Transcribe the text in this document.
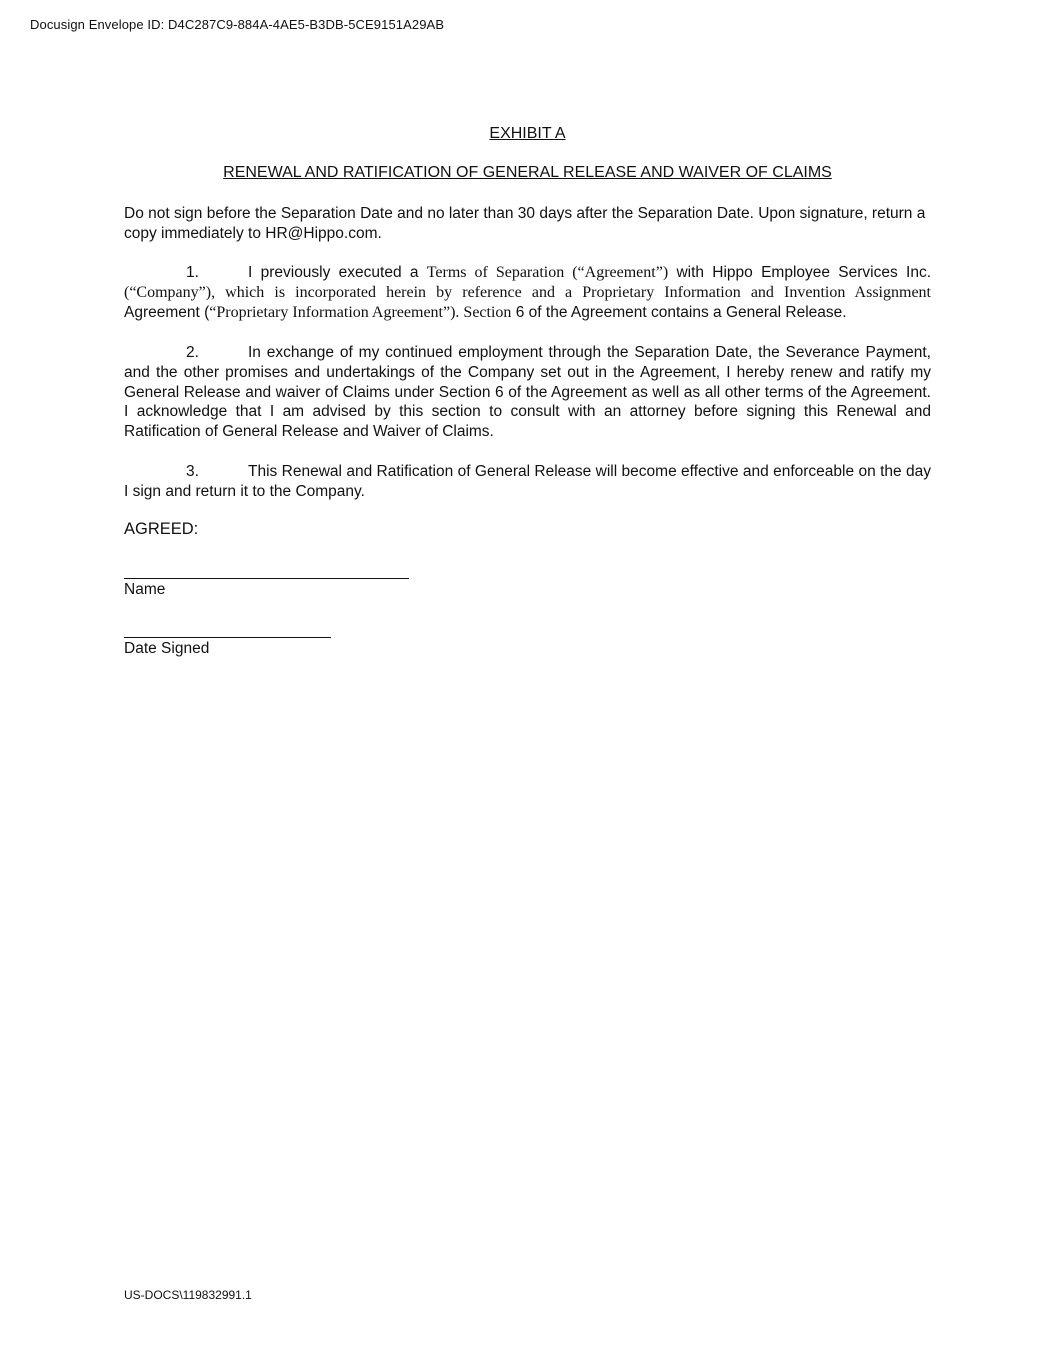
Docusign Envelope ID: D4C287C9-884A-4AE5-B3DB-5CE9151A29AB
EXHIBIT A
RENEWAL AND RATIFICATION OF GENERAL RELEASE AND WAIVER OF CLAIMS
Do not sign before the Separation Date and no later than 30 days after the Separation Date. Upon signature, return a copy immediately to HR@Hippo.com.
1.	I previously executed a Terms of Separation (“Agreement”) with Hippo Employee Services Inc. (“Company”), which is incorporated herein by reference and a Proprietary Information and Invention Assignment Agreement (“Proprietary Information Agreement”). Section 6 of the Agreement contains a General Release.
2.	In exchange of my continued employment through the Separation Date, the Severance Payment, and the other promises and undertakings of the Company set out in the Agreement, I hereby renew and ratify my General Release and waiver of Claims under Section 6 of the Agreement as well as all other terms of the Agreement. I acknowledge that I am advised by this section to consult with an attorney before signing this Renewal and Ratification of General Release and Waiver of Claims.
3.	This Renewal and Ratification of General Release will become effective and enforceable on the day I sign and return it to the Company.
AGREED:
Name
Date Signed
US-DOCS\119832991.1
